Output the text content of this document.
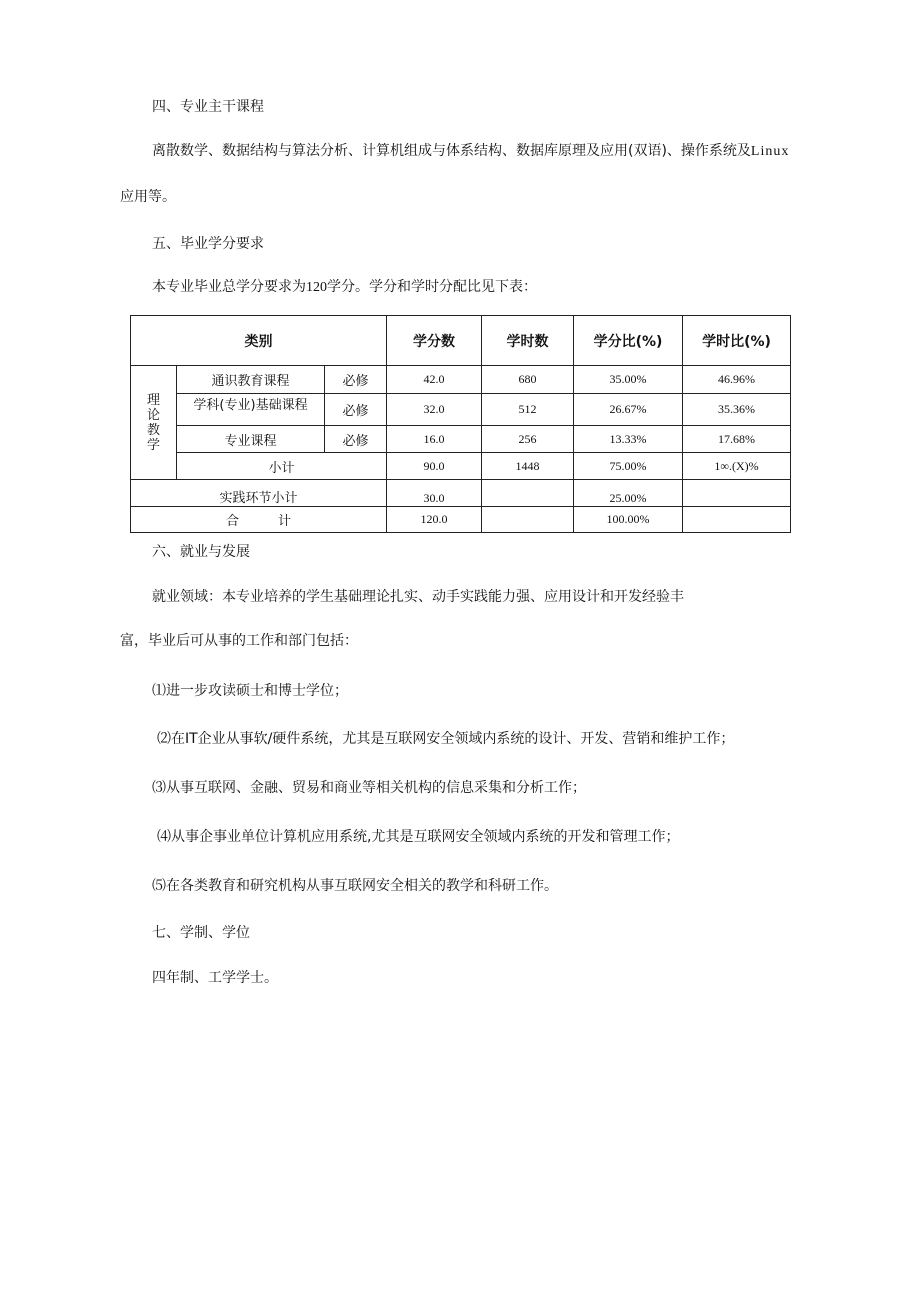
四、专业主干课程

离散数学、数据结构与算法分析、计算机组成与体系结构、数据库原理及应用(双语)、操作系统及Linux

应用等。

五、毕业学分要求

本专业毕业总学分要求为120学分。学分和学时分配比见下表：

类别			学分数	学时数	学分比(%)	学时比(%)

理
论
教
学	通识教育课程	必修	42.0	680	35.00%	46.96%
	学科(专业)基础课程	必修	32.0	512	26.67%	35.36%
	专业课程	必修	16.0	256	13.33%	17.68%
	小计		90.0	1448	75.00%	1∞.(X)%
实践环节小计			30.0		25.00%	
合　　　计			120.0		100.00%	

六、就业与发展

就业领域：本专业培养的学生基础理论扎实、动手实践能力强、应用设计和开发经验丰

富，毕业后可从事的工作和部门包括：

⑴进一步攻读硕士和博士学位；

⑵在IT企业从事软/硬件系统，尤其是互联网安全领域内系统的设计、开发、营销和维护工作；

⑶从事互联网、金融、贸易和商业等相关机构的信息采集和分析工作；

⑷从事企事业单位计算机应用系统,尤其是互联网安全领域内系统的开发和管理工作；

⑸在各类教育和研究机构从事互联网安全相关的教学和科研工作。

七、学制、学位

四年制、工学学士。
